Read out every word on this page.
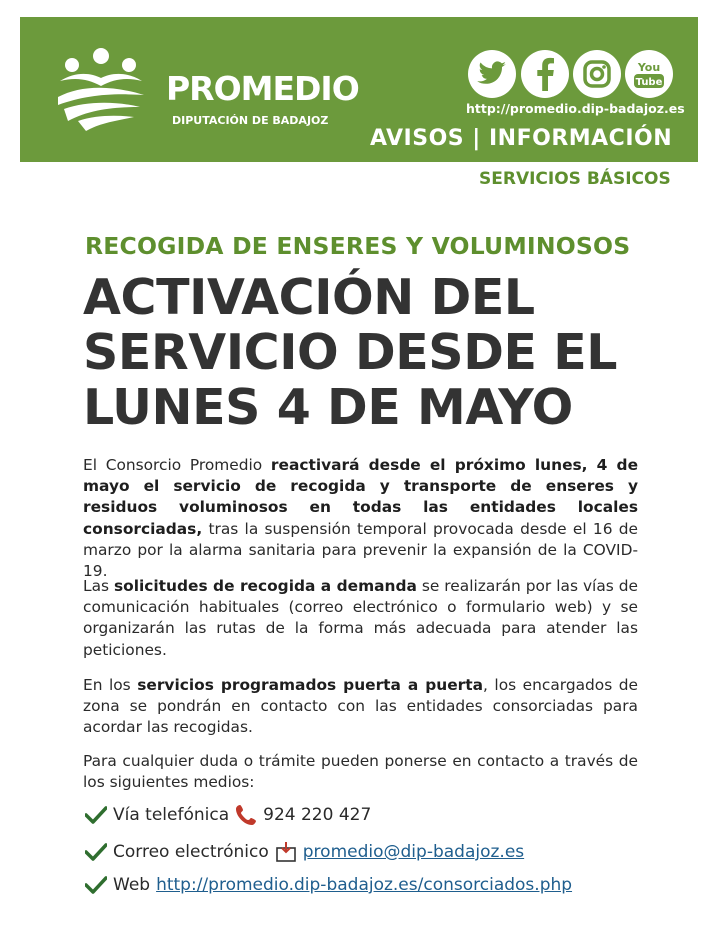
PROMEDIO
DIPUTACIÓN DE BADAJOZ
You
Tube
http://promedio.dip-badajoz.es
AVISOS | INFORMACIÓN
SERVICIOS BÁSICOS
RECOGIDA DE ENSERES Y VOLUMINOSOS
ACTIVACIÓN DEL SERVICIO DESDE EL LUNES 4 DE MAYO

El Consorcio Promedio reactivará desde el próximo lunes, 4 de mayo el servicio de recogida y transporte de enseres y residuos voluminosos en todas las entidades locales consorciadas, tras la suspensión temporal provocada desde el 16 de marzo por la alarma sanitaria para prevenir la expansión de la COVID-19.

Las solicitudes de recogida a demanda se realizarán por las vías de comunicación habituales (correo electrónico o formulario web) y se organizarán las rutas de la forma más adecuada para atender las peticiones.

En los servicios programados puerta a puerta, los encargados de zona se pondrán en contacto con las entidades consorciadas para acordar las recogidas.

Para cualquier duda o trámite pueden ponerse en contacto a través de los siguientes medios:

Vía telefónica 924 220 427
Correo electrónico promedio@dip-badajoz.es
Web http://promedio.dip-badajoz.es/consorciados.php
